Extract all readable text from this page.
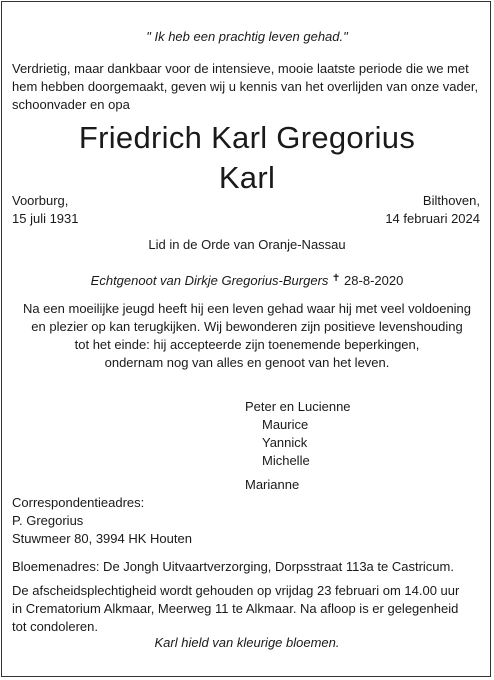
" Ik heb een prachtig leven gehad."
Verdrietig, maar dankbaar voor de intensieve, mooie laatste periode die we met
hem hebben doorgemaakt, geven wij u kennis van het overlijden van onze vader,
schoonvader en opa
Friedrich Karl Gregorius
Karl
Voorburg,
15 juli 1931
Bilthoven,
14 februari 2024
Lid in de Orde van Oranje-Nassau
Echtgenoot van Dirkje Gregorius-Burgers ✝ 28-8-2020
Na een moeilijke jeugd heeft hij een leven gehad waar hij met veel voldoening
en plezier op kan terugkijken. Wij bewonderen zijn positieve levenshouding
tot het einde: hij accepteerde zijn toenemende beperkingen,
ondernam nog van alles en genoot van het leven.
Peter en Lucienne
Maurice
Yannick
Michelle
Marianne
Correspondentieadres:
P. Gregorius
Stuwmeer 80, 3994 HK Houten
Bloemenadres: De Jongh Uitvaartverzorging, Dorpsstraat 113a te Castricum.
De afscheidsplechtigheid wordt gehouden op vrijdag 23 februari om 14.00 uur
in Crematorium Alkmaar, Meerweg 11 te Alkmaar. Na afloop is er gelegenheid
tot condoleren.
Karl hield van kleurige bloemen.
